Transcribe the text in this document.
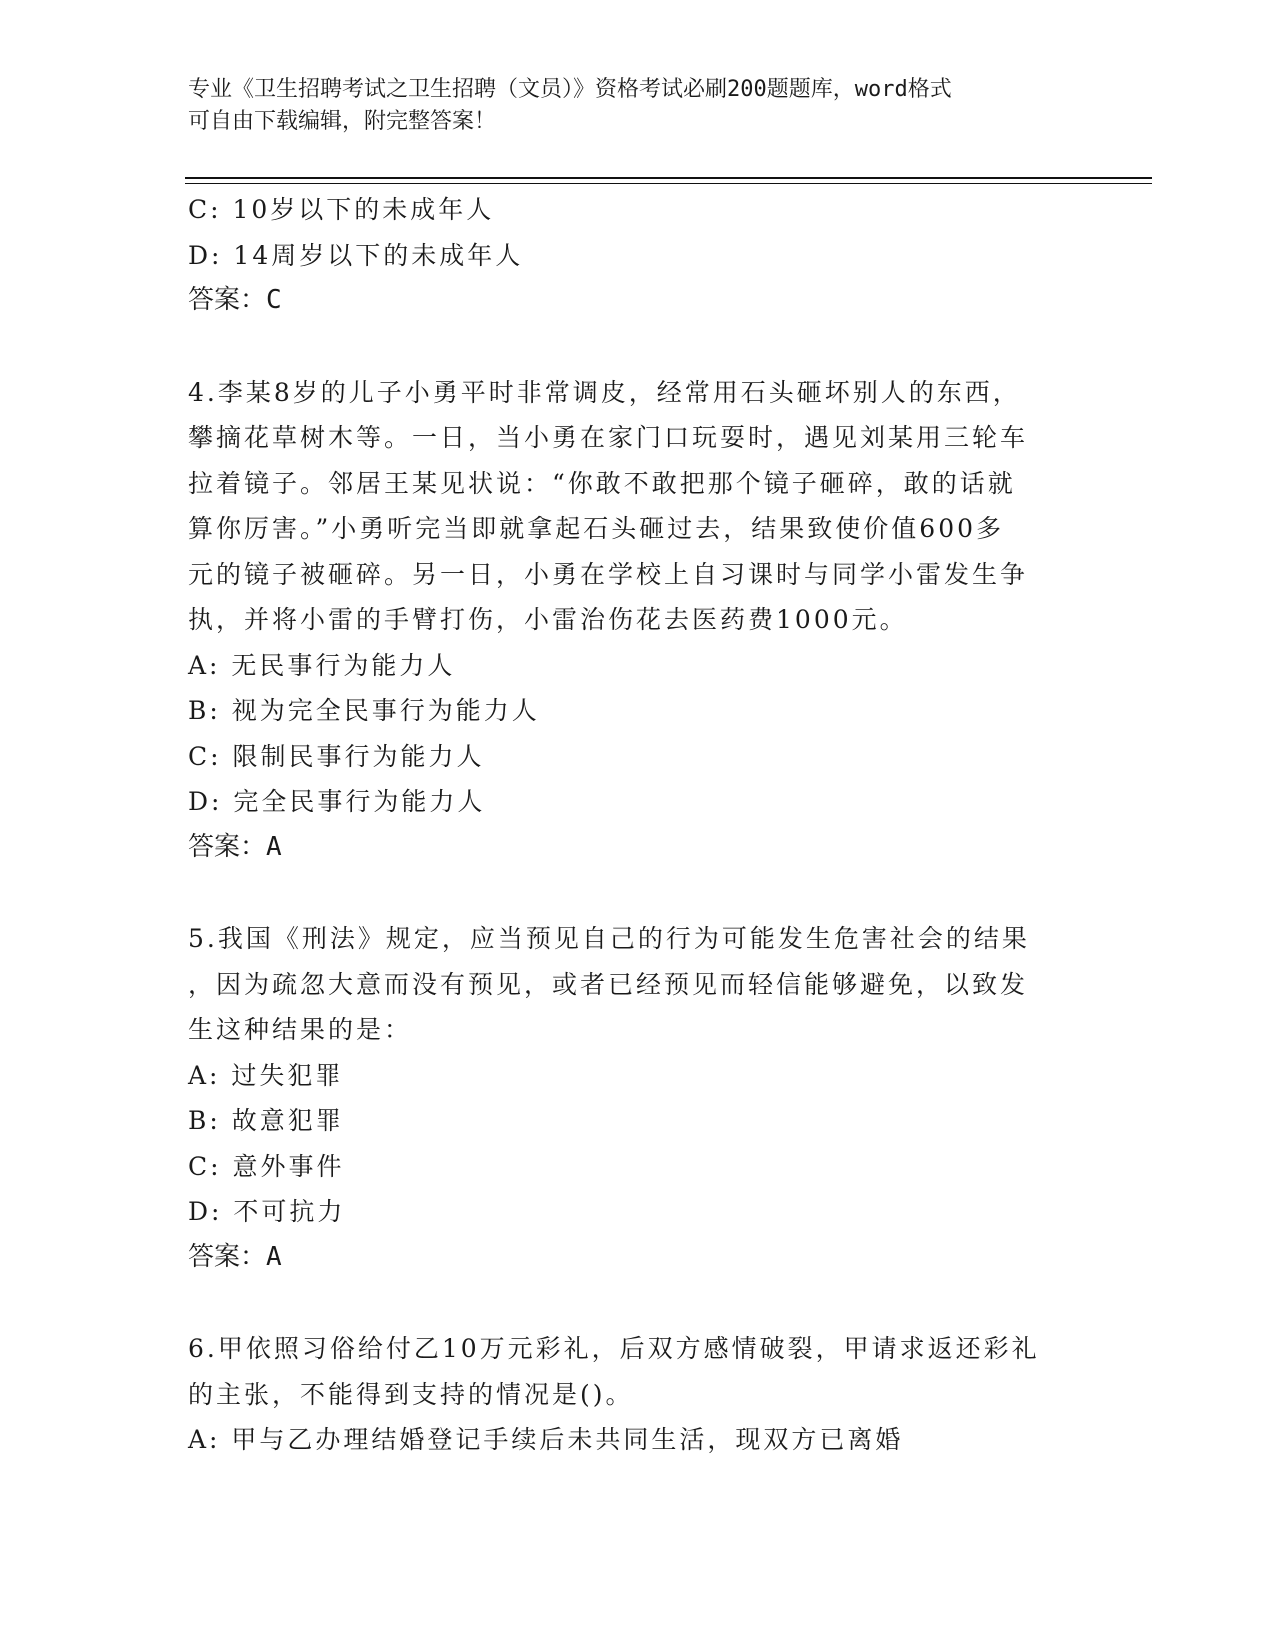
专业《卫生招聘考试之卫生招聘（文员）》资格考试必刷200题题库，word格式
可自由下载编辑，附完整答案！
C: 10岁以下的未成年人
D: 14周岁以下的未成年人
答案：C
4.李某8岁的儿子小勇平时非常调皮，经常用石头砸坏别人的东西，
攀摘花草树木等。一日，当小勇在家门口玩耍时，遇见刘某用三轮车
拉着镜子。邻居王某见状说：“你敢不敢把那个镜子砸碎，敢的话就
算你厉害。”小勇听完当即就拿起石头砸过去，结果致使价值600多
元的镜子被砸碎。另一日，小勇在学校上自习课时与同学小雷发生争
执，并将小雷的手臂打伤，小雷治伤花去医药费1000元。
A: 无民事行为能力人
B: 视为完全民事行为能力人
C: 限制民事行为能力人
D: 完全民事行为能力人
答案：A
5.我国《刑法》规定，应当预见自己的行为可能发生危害社会的结果
，因为疏忽大意而没有预见，或者已经预见而轻信能够避免，以致发
生这种结果的是：
A: 过失犯罪
B: 故意犯罪
C: 意外事件
D: 不可抗力
答案：A
6.甲依照习俗给付乙10万元彩礼，后双方感情破裂，甲请求返还彩礼
的主张，不能得到支持的情况是()。
A: 甲与乙办理结婚登记手续后未共同生活，现双方已离婚
